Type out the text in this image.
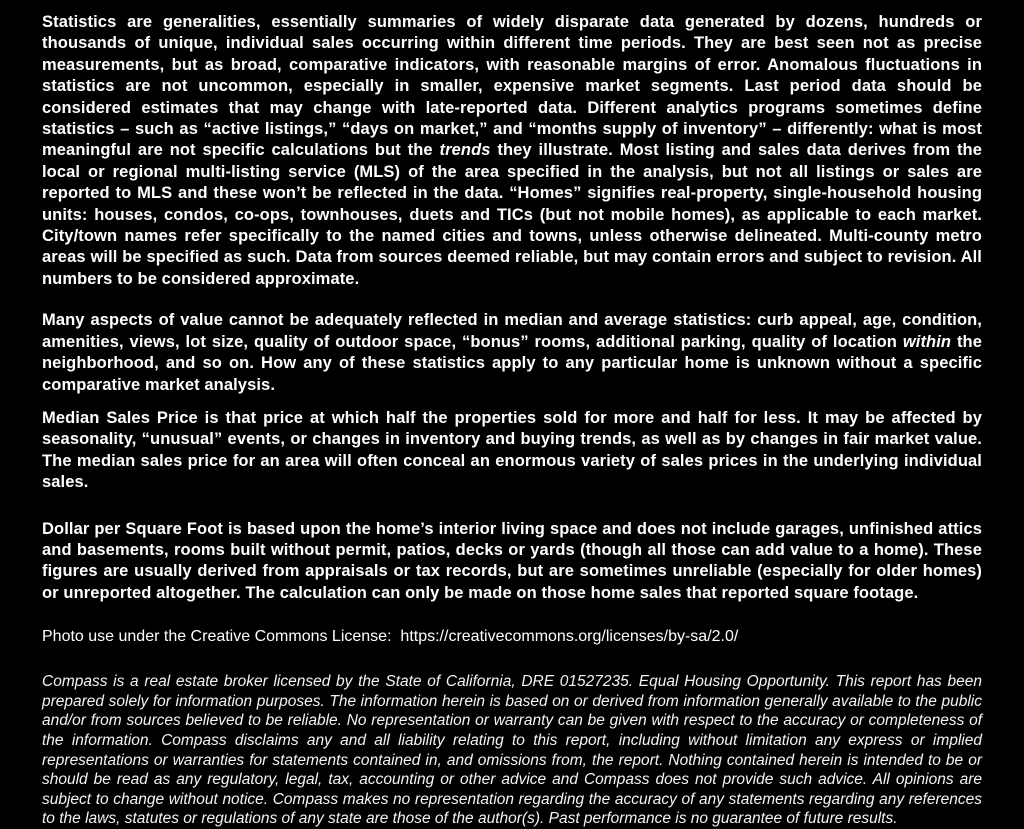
Statistics are generalities, essentially summaries of widely disparate data generated by dozens, hundreds or thousands of unique, individual sales occurring within different time periods. They are best seen not as precise measurements, but as broad, comparative indicators, with reasonable margins of error. Anomalous fluctuations in statistics are not uncommon, especially in smaller, expensive market segments. Last period data should be considered estimates that may change with late-reported data. Different analytics programs sometimes define statistics – such as “active listings,” “days on market,” and “months supply of inventory” – differently: what is most meaningful are not specific calculations but the trends they illustrate. Most listing and sales data derives from the local or regional multi-listing service (MLS) of the area specified in the analysis, but not all listings or sales are reported to MLS and these won’t be reflected in the data. “Homes” signifies real-property, single-household housing units: houses, condos, co-ops, townhouses, duets and TICs (but not mobile homes), as applicable to each market. City/town names refer specifically to the named cities and towns, unless otherwise delineated. Multi-county metro areas will be specified as such. Data from sources deemed reliable, but may contain errors and subject to revision. All numbers to be considered approximate.

Many aspects of value cannot be adequately reflected in median and average statistics: curb appeal, age, condition, amenities, views, lot size, quality of outdoor space, “bonus” rooms, additional parking, quality of location within the neighborhood, and so on. How any of these statistics apply to any particular home is unknown without a specific comparative market analysis.

Median Sales Price is that price at which half the properties sold for more and half for less. It may be affected by seasonality, “unusual” events, or changes in inventory and buying trends, as well as by changes in fair market value. The median sales price for an area will often conceal an enormous variety of sales prices in the underlying individual sales.

Dollar per Square Foot is based upon the home’s interior living space and does not include garages, unfinished attics and basements, rooms built without permit, patios, decks or yards (though all those can add value to a home). These figures are usually derived from appraisals or tax records, but are sometimes unreliable (especially for older homes) or unreported altogether. The calculation can only be made on those home sales that reported square footage.

Photo use under the Creative Commons License:  https://creativecommons.org/licenses/by-sa/2.0/

Compass is a real estate broker licensed by the State of California, DRE 01527235. Equal Housing Opportunity. This report has been prepared solely for information purposes. The information herein is based on or derived from information generally available to the public and/or from sources believed to be reliable. No representation or warranty can be given with respect to the accuracy or completeness of the information. Compass disclaims any and all liability relating to this report, including without limitation any express or implied representations or warranties for statements contained in, and omissions from, the report. Nothing contained herein is intended to be or should be read as any regulatory, legal, tax, accounting or other advice and Compass does not provide such advice. All opinions are subject to change without notice. Compass makes no representation regarding the accuracy of any statements regarding any references to the laws, statutes or regulations of any state are those of the author(s). Past performance is no guarantee of future results.
